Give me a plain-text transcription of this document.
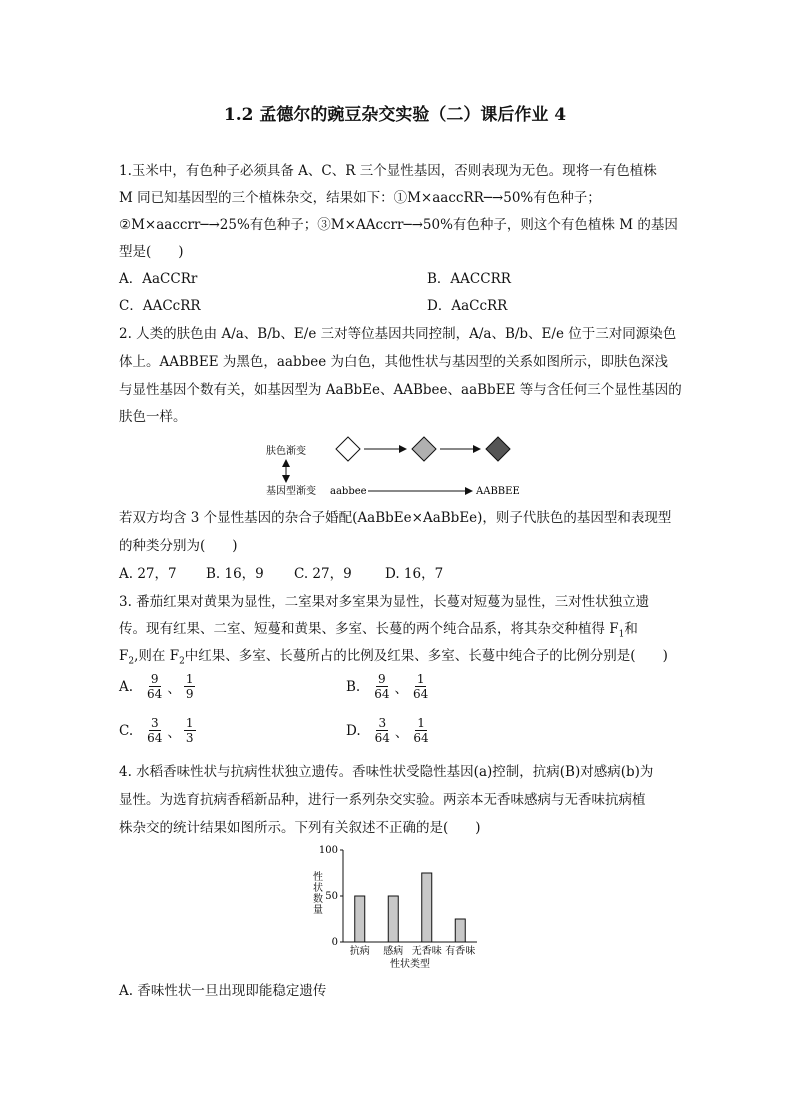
1.2 孟德尔的豌豆杂交实验（二）课后作业 4
1.玉米中，有色种子必须具备 A、C、R 三个显性基因，否则表现为无色。现将一有色植株
M 同已知基因型的三个植株杂交，结果如下：①M×aaccRR─→50%有色种子；
②M×aaccrr─→25%有色种子；③M×AAccrr─→50%有色种子，则这个有色植株 M 的基因
型是(　　)
A．AaCCRr	B．AACCRR
C．AACcRR	D．AaCcRR
2. 人类的肤色由 A/a、B/b、E/e 三对等位基因共同控制，A/a、B/b、E/e 位于三对同源染色
体上。AABBEE 为黑色，aabbee 为白色，其他性状与基因型的关系如图所示，即肤色深浅
与显性基因个数有关，如基因型为 AaBbEe、AABbee、aaBbEE 等与含任何三个显性基因的
肤色一样。
肤色渐变
基因型渐变 aabbee	AABBEE
若双方均含 3 个显性基因的杂合子婚配(AaBbEe×AaBbEe)，则子代肤色的基因型和表现型
的种类分别为(　　)
A. 27，7 B. 16，9 C. 27，9 D. 16，7
3. 番茄红果对黄果为显性，二室果对多室果为显性，长蔓对短蔓为显性，三对性状独立遗
传。现有红果、二室、短蔓和黄果、多室、长蔓的两个纯合品系，将其杂交种植得 $F_1$和
$F_2$,则在 $F_2$中红果、多室、长蔓所占的比例及红果、多室、长蔓中纯合子的比例分别是(　　)
A. $\frac{9}{64}$ 、 $\frac{1}{9}$	B. $\frac{9}{64}$ 、 $\frac{1}{64}$
C. $\frac{3}{64}$ 、 $\frac{1}{3}$	D. $\frac{3}{64}$ 、 $\frac{1}{64}$
4. 水稻香味性状与抗病性状独立遗传。香味性状受隐性基因(a)控制，抗病(B)对感病(b)为
显性。为选育抗病香稻新品种，进行一系列杂交实验。两亲本无香味感病与无香味抗病植
株杂交的统计结果如图所示。下列有关叙述不正确的是(　　)
0
50
100
性
状
数
量
抗病 感病 无香味 有香味
性状类型
A. 香味性状一旦出现即能稳定遗传
